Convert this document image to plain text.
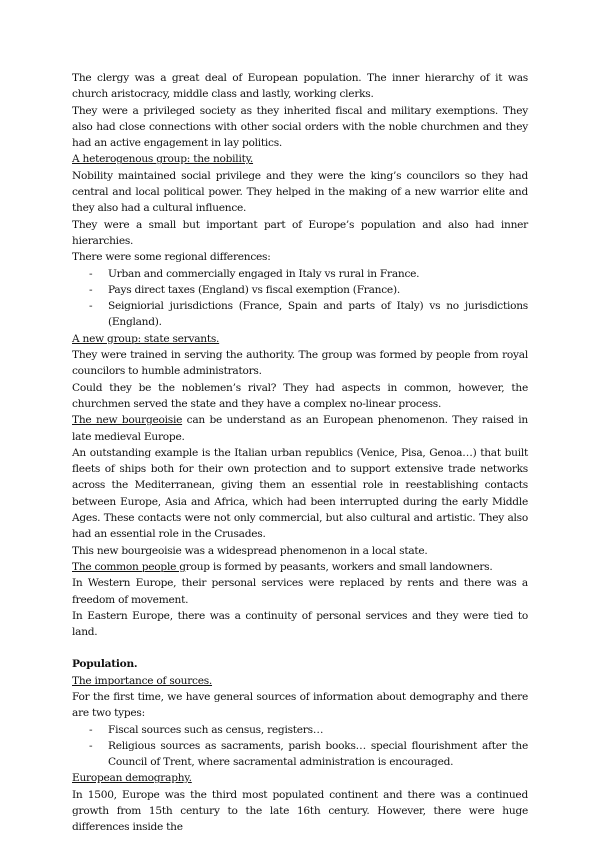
The clergy was a great deal of European population. The inner hierarchy of it was church aristocracy, middle class and lastly, working clerks.

They were a privileged society as they inherited fiscal and military exemptions. They also had close connections with other social orders with the noble churchmen and they had an active engagement in lay politics.

A heterogenous group: the nobility.

Nobility maintained social privilege and they were the king’s councilors so they had central and local political power. They helped in the making of a new warrior elite and they also had a cultural influence.

They were a small but important part of Europe’s population and also had inner hierarchies.

There were some regional differences:

- Urban and commercially engaged in Italy vs rural in France.
- Pays direct taxes (England) vs fiscal exemption (France).
- Seigniorial jurisdictions (France, Spain and parts of Italy) vs no jurisdictions (England).

A new group: state servants.

They were trained in serving the authority. The group was formed by people from royal councilors to humble administrators.

Could they be the noblemen’s rival? They had aspects in common, however, the churchmen served the state and they have a complex no-linear process.

The new bourgeoisie can be understand as an European phenomenon. They raised in late medieval Europe.

An outstanding example is the Italian urban republics (Venice, Pisa, Genoa…) that built fleets of ships both for their own protection and to support extensive trade networks across the Mediterranean, giving them an essential role in reestablishing contacts between Europe, Asia and Africa, which had been interrupted during the early Middle Ages. These contacts were not only commercial, but also cultural and artistic. They also had an essential role in the Crusades.

This new bourgeoisie was a widespread phenomenon in a local state.

The common people group is formed by peasants, workers and small landowners.

In Western Europe, their personal services were replaced by rents and there was a freedom of movement.

In Eastern Europe, there was a continuity of personal services and they were tied to land.

Population.

The importance of sources.

For the first time, we have general sources of information about demography and there are two types:

- Fiscal sources such as census, registers…
- Religious sources as sacraments, parish books… special flourishment after the Council of Trent, where sacramental administration is encouraged.

European demography.

In 1500, Europe was the third most populated continent and there was a continued growth from 15th century to the late 16th century. However, there were huge differences inside the
